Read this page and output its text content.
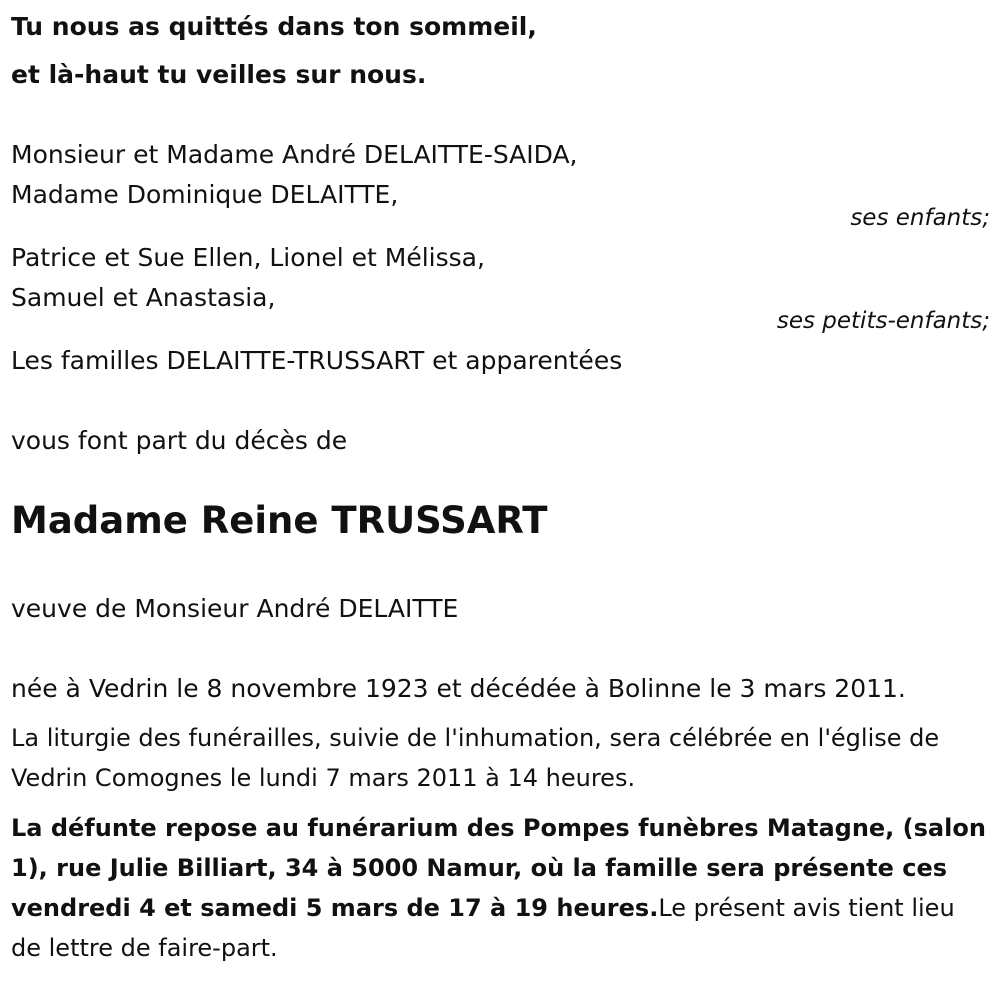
Tu nous as quittés dans ton sommeil,
et là-haut tu veilles sur nous.
Monsieur et Madame André DELAITTE-SAIDA,
Madame Dominique DELAITTE,
ses enfants;
Patrice et Sue Ellen, Lionel et Mélissa,
Samuel et Anastasia,
ses petits-enfants;
Les familles DELAITTE-TRUSSART et apparentées
vous font part du décès de
Madame Reine TRUSSART
veuve de Monsieur André DELAITTE
née à Vedrin le 8 novembre 1923 et décédée à Bolinne le 3 mars 2011.
La liturgie des funérailles, suivie de l'inhumation, sera célébrée en l'église de Vedrin Comognes le lundi 7 mars 2011 à 14 heures.
La défunte repose au funérarium des Pompes funèbres Matagne, (salon 1), rue Julie Billiart, 34 à 5000 Namur, où la famille sera présente ces vendredi 4 et samedi 5 mars de 17 à 19 heures.Le présent avis tient lieu de lettre de faire-part.
